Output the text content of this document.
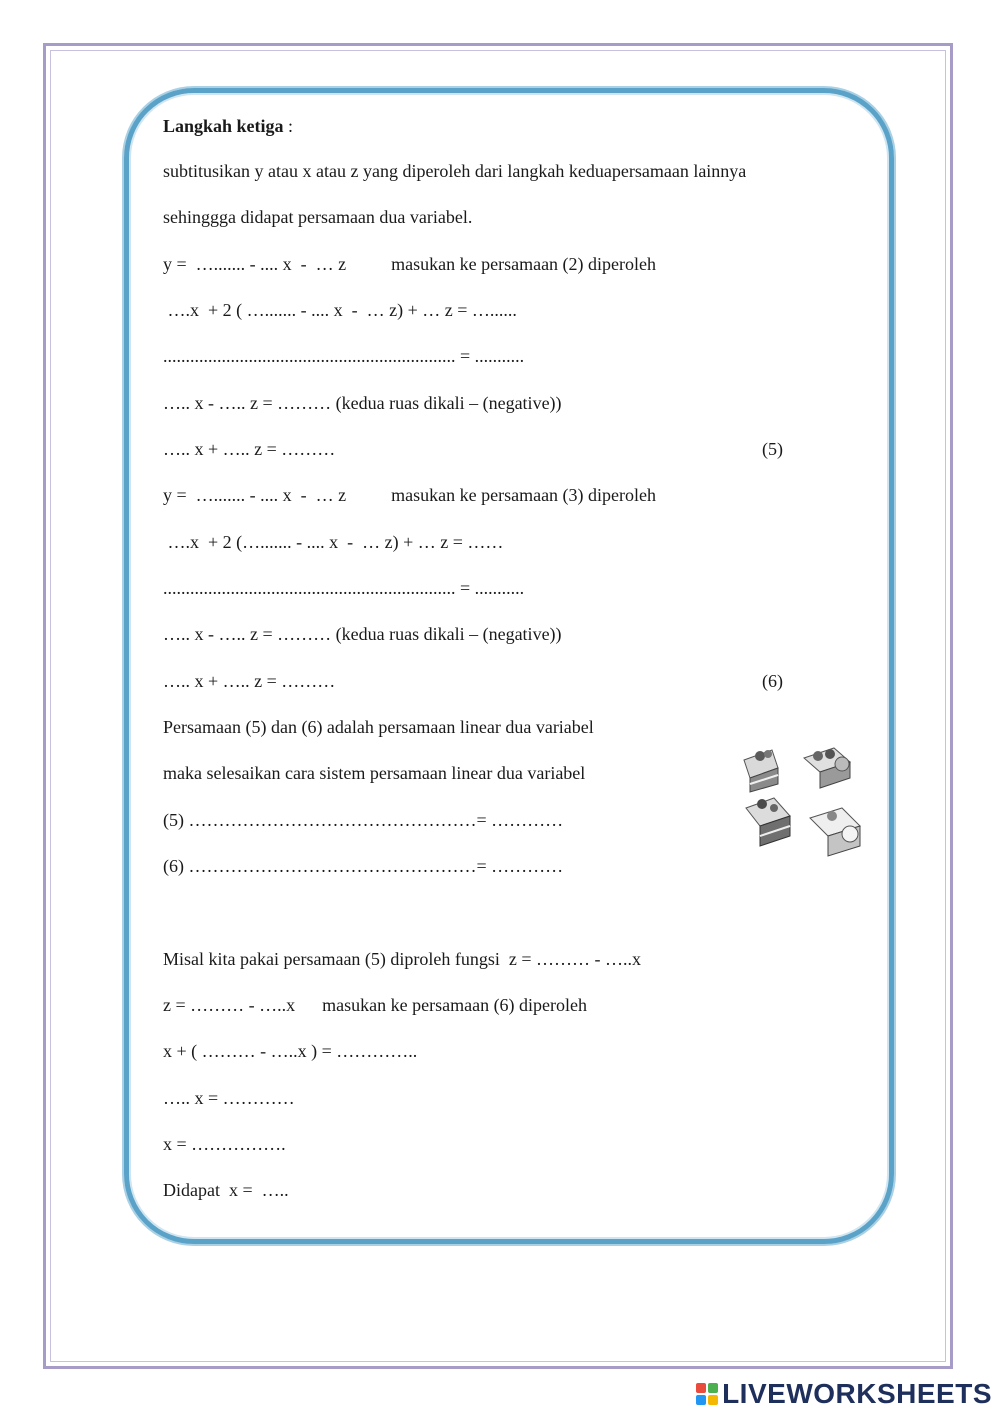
Langkah ketiga :
subtitusikan y atau x atau z yang diperoleh dari langkah keduapersamaan lainnya
sehinggga didapat persamaan dua variabel.
y =  …....... - .... x  -  … z          masukan ke persamaan (2) diperoleh
….x  + 2 ( …....... - .... x  -  … z) + … z = …......
................................................................. = ...........
….. x - ….. z = ……… (kedua ruas dikali – (negative))
….. x + ….. z = ………	(5)
y =  …....... - .... x  -  … z          masukan ke persamaan (3) diperoleh
….x  + 2 (…....... - .... x  -  … z) + … z = ……
................................................................. = ...........
….. x - ….. z = ……… (kedua ruas dikali – (negative))
….. x + ….. z = ………	(6)
Persamaan (5) dan (6) adalah persamaan linear dua variabel
maka selesaikan cara sistem persamaan linear dua variabel
(5) …………………………………………= …………
(6) …………………………………………= …………
Misal kita pakai persamaan (5) diproleh fungsi  z = ……… - …..x
z = ……… - …..x      masukan ke persamaan (6) diperoleh
x + ( ……… - …..x ) = …………..
….. x = …………
x = …………….
Didapat  x =  …..
LIVEWORKSHEETS
